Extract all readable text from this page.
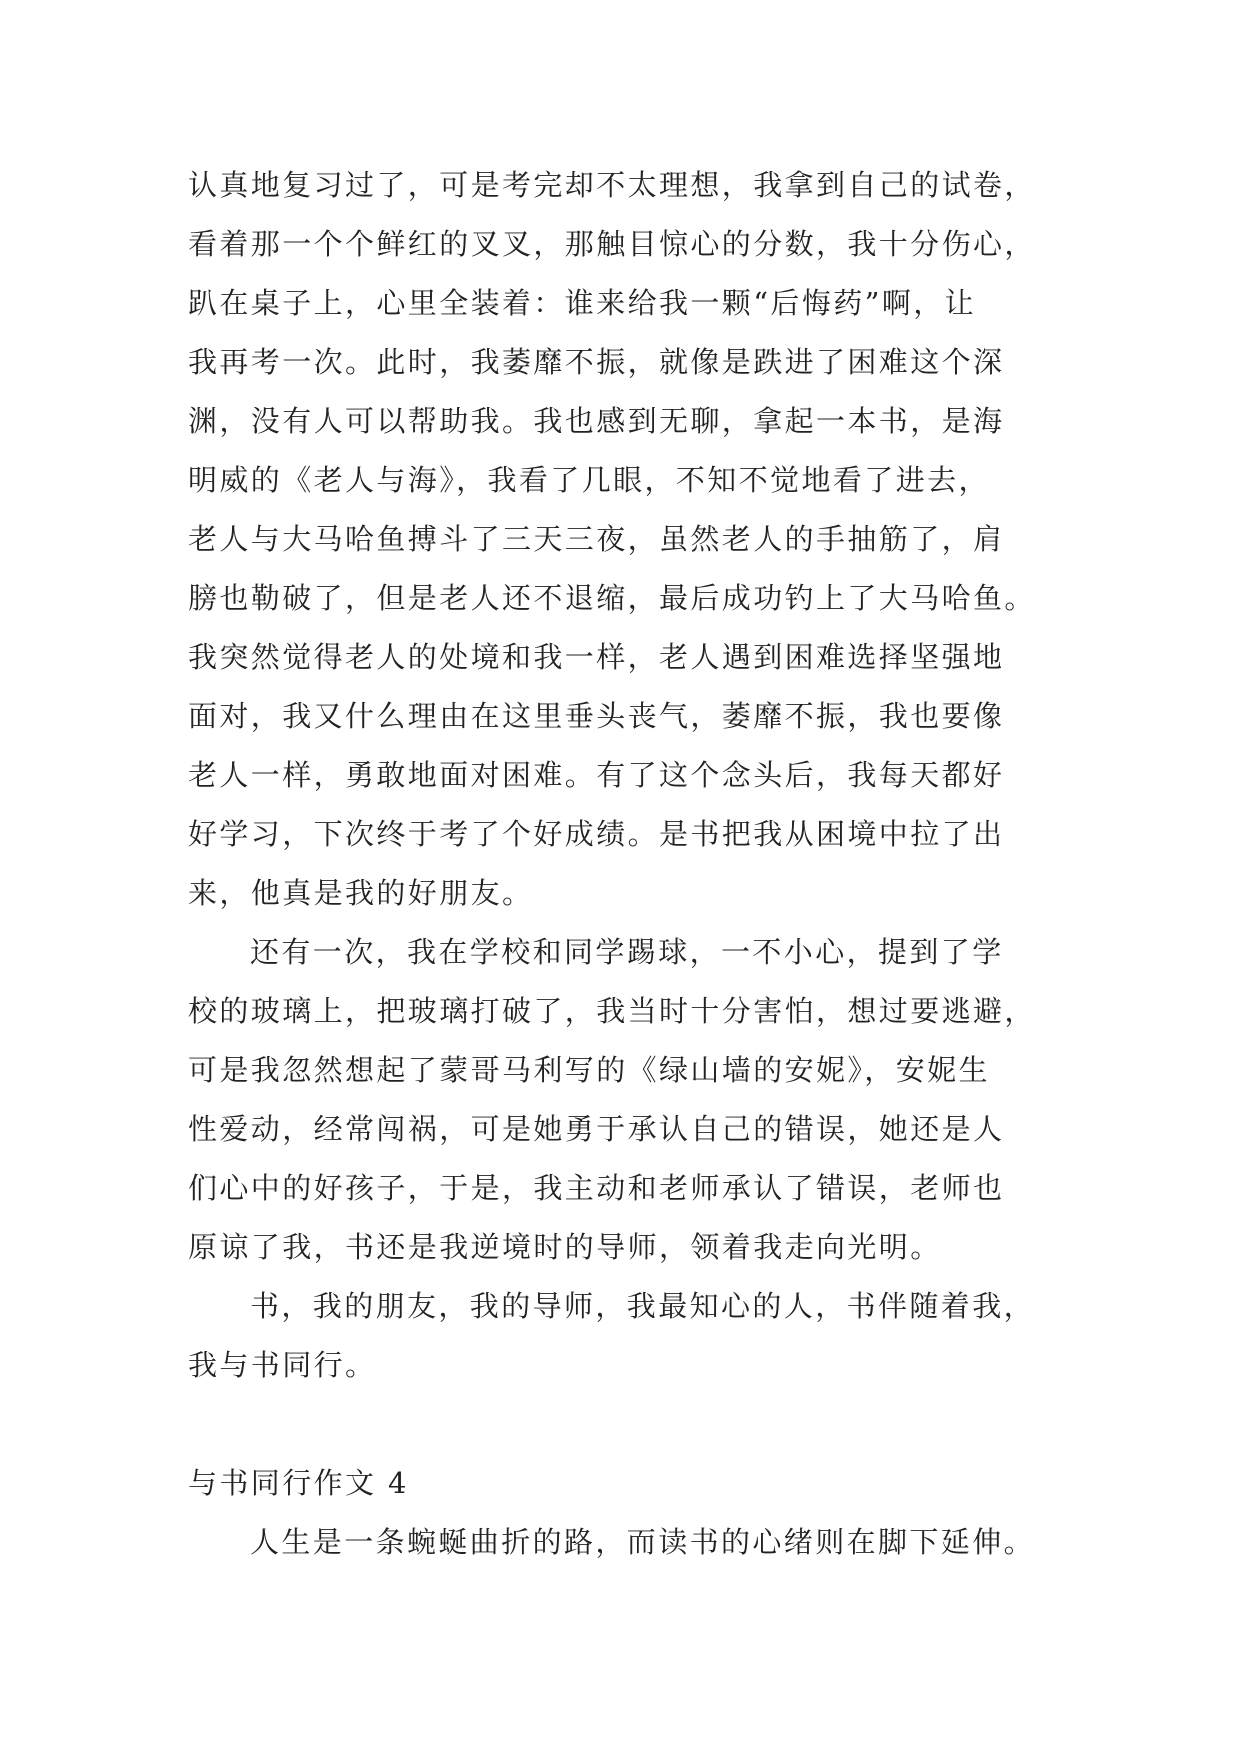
认真地复习过了，可是考完却不太理想，我拿到自己的试卷，
看着那一个个鲜红的叉叉，那触目惊心的分数，我十分伤心，
趴在桌子上，心里全装着：谁来给我一颗“后悔药”啊，让
我再考一次。此时，我萎靡不振，就像是跌进了困难这个深
渊，没有人可以帮助我。我也感到无聊，拿起一本书，是海
明威的《老人与海》，我看了几眼，不知不觉地看了进去，
老人与大马哈鱼搏斗了三天三夜，虽然老人的手抽筋了，肩
膀也勒破了，但是老人还不退缩，最后成功钓上了大马哈鱼。
我突然觉得老人的处境和我一样，老人遇到困难选择坚强地
面对，我又什么理由在这里垂头丧气，萎靡不振，我也要像
老人一样，勇敢地面对困难。有了这个念头后，我每天都好
好学习，下次终于考了个好成绩。是书把我从困境中拉了出
来，他真是我的好朋友。
还有一次，我在学校和同学踢球，一不小心，提到了学
校的玻璃上，把玻璃打破了，我当时十分害怕，想过要逃避，
可是我忽然想起了蒙哥马利写的《绿山墙的安妮》，安妮生
性爱动，经常闯祸，可是她勇于承认自己的错误，她还是人
们心中的好孩子，于是，我主动和老师承认了错误，老师也
原谅了我，书还是我逆境时的导师，领着我走向光明。
书，我的朋友，我的导师，我最知心的人，书伴随着我，
我与书同行。
与书同行作文 4
人生是一条蜿蜒曲折的路，而读书的心绪则在脚下延伸。
